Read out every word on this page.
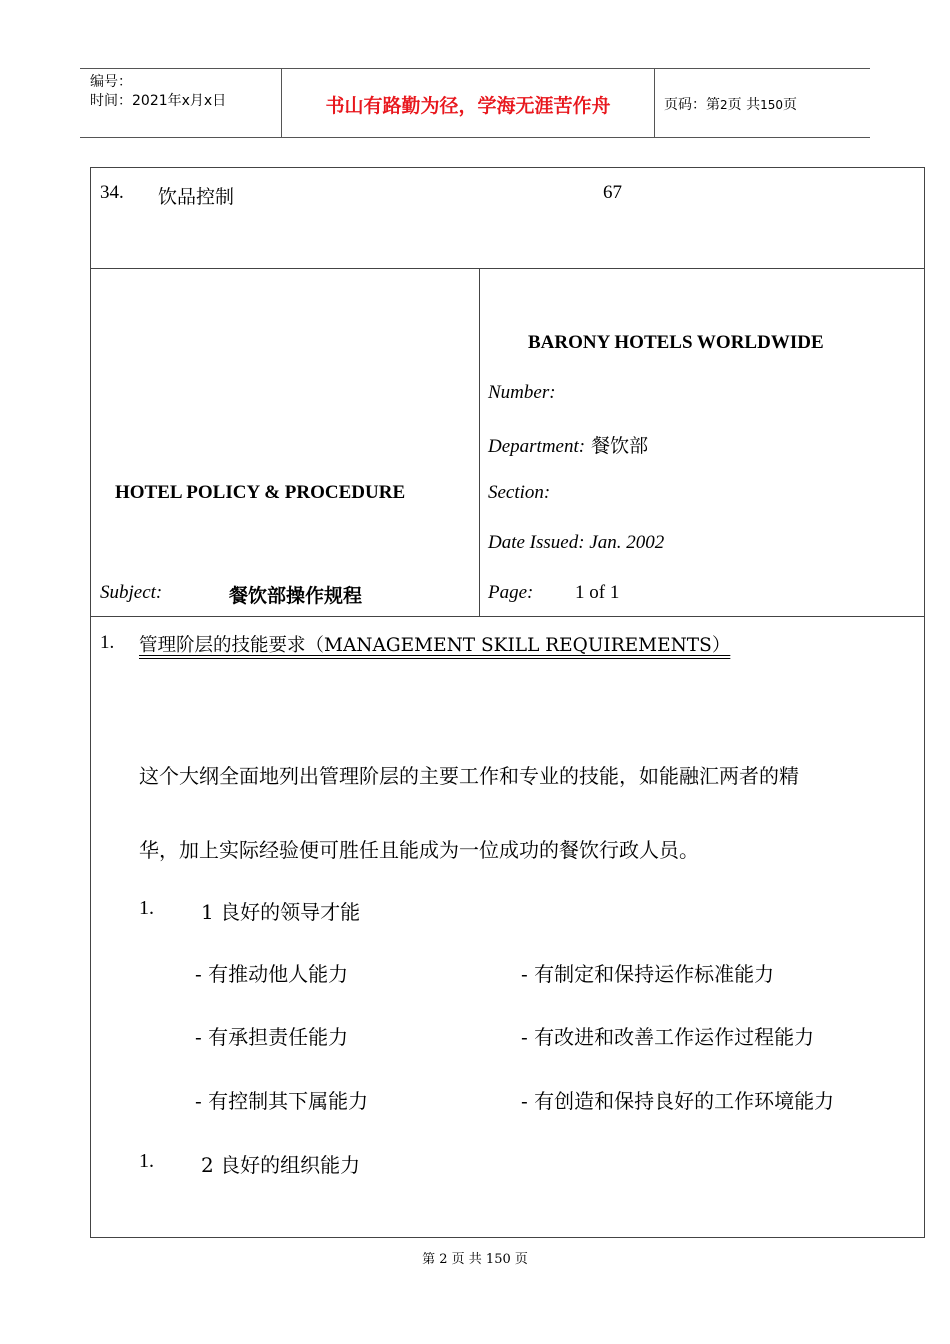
编号：
时间：2021年x月x日	书山有路勤为径，学海无涯苦作舟	页码：第2页 共150页
34. 饮品控制	67
HOTEL POLICY & PROCEDURE
Subject:	餐饮部操作规程
BARONY HOTELS WORLDWIDE
Number:
Department: 餐饮部
Section:
Date Issued: Jan. 2002
Page: 1 of 1
1. 管理阶层的技能要求（MANAGEMENT SKILL REQUIREMENTS）
这个大纲全面地列出管理阶层的主要工作和专业的技能，如能融汇两者的精
华，加上实际经验便可胜任且能成为一位成功的餐饮行政人员。
1. 1 良好的领导才能
- 有推动他人能力	- 有制定和保持运作标准能力
- 有承担责任能力	- 有改进和改善工作运作过程能力
- 有控制其下属能力	- 有创造和保持良好的工作环境能力
1. 2 良好的组织能力
第 2 页 共 150 页
